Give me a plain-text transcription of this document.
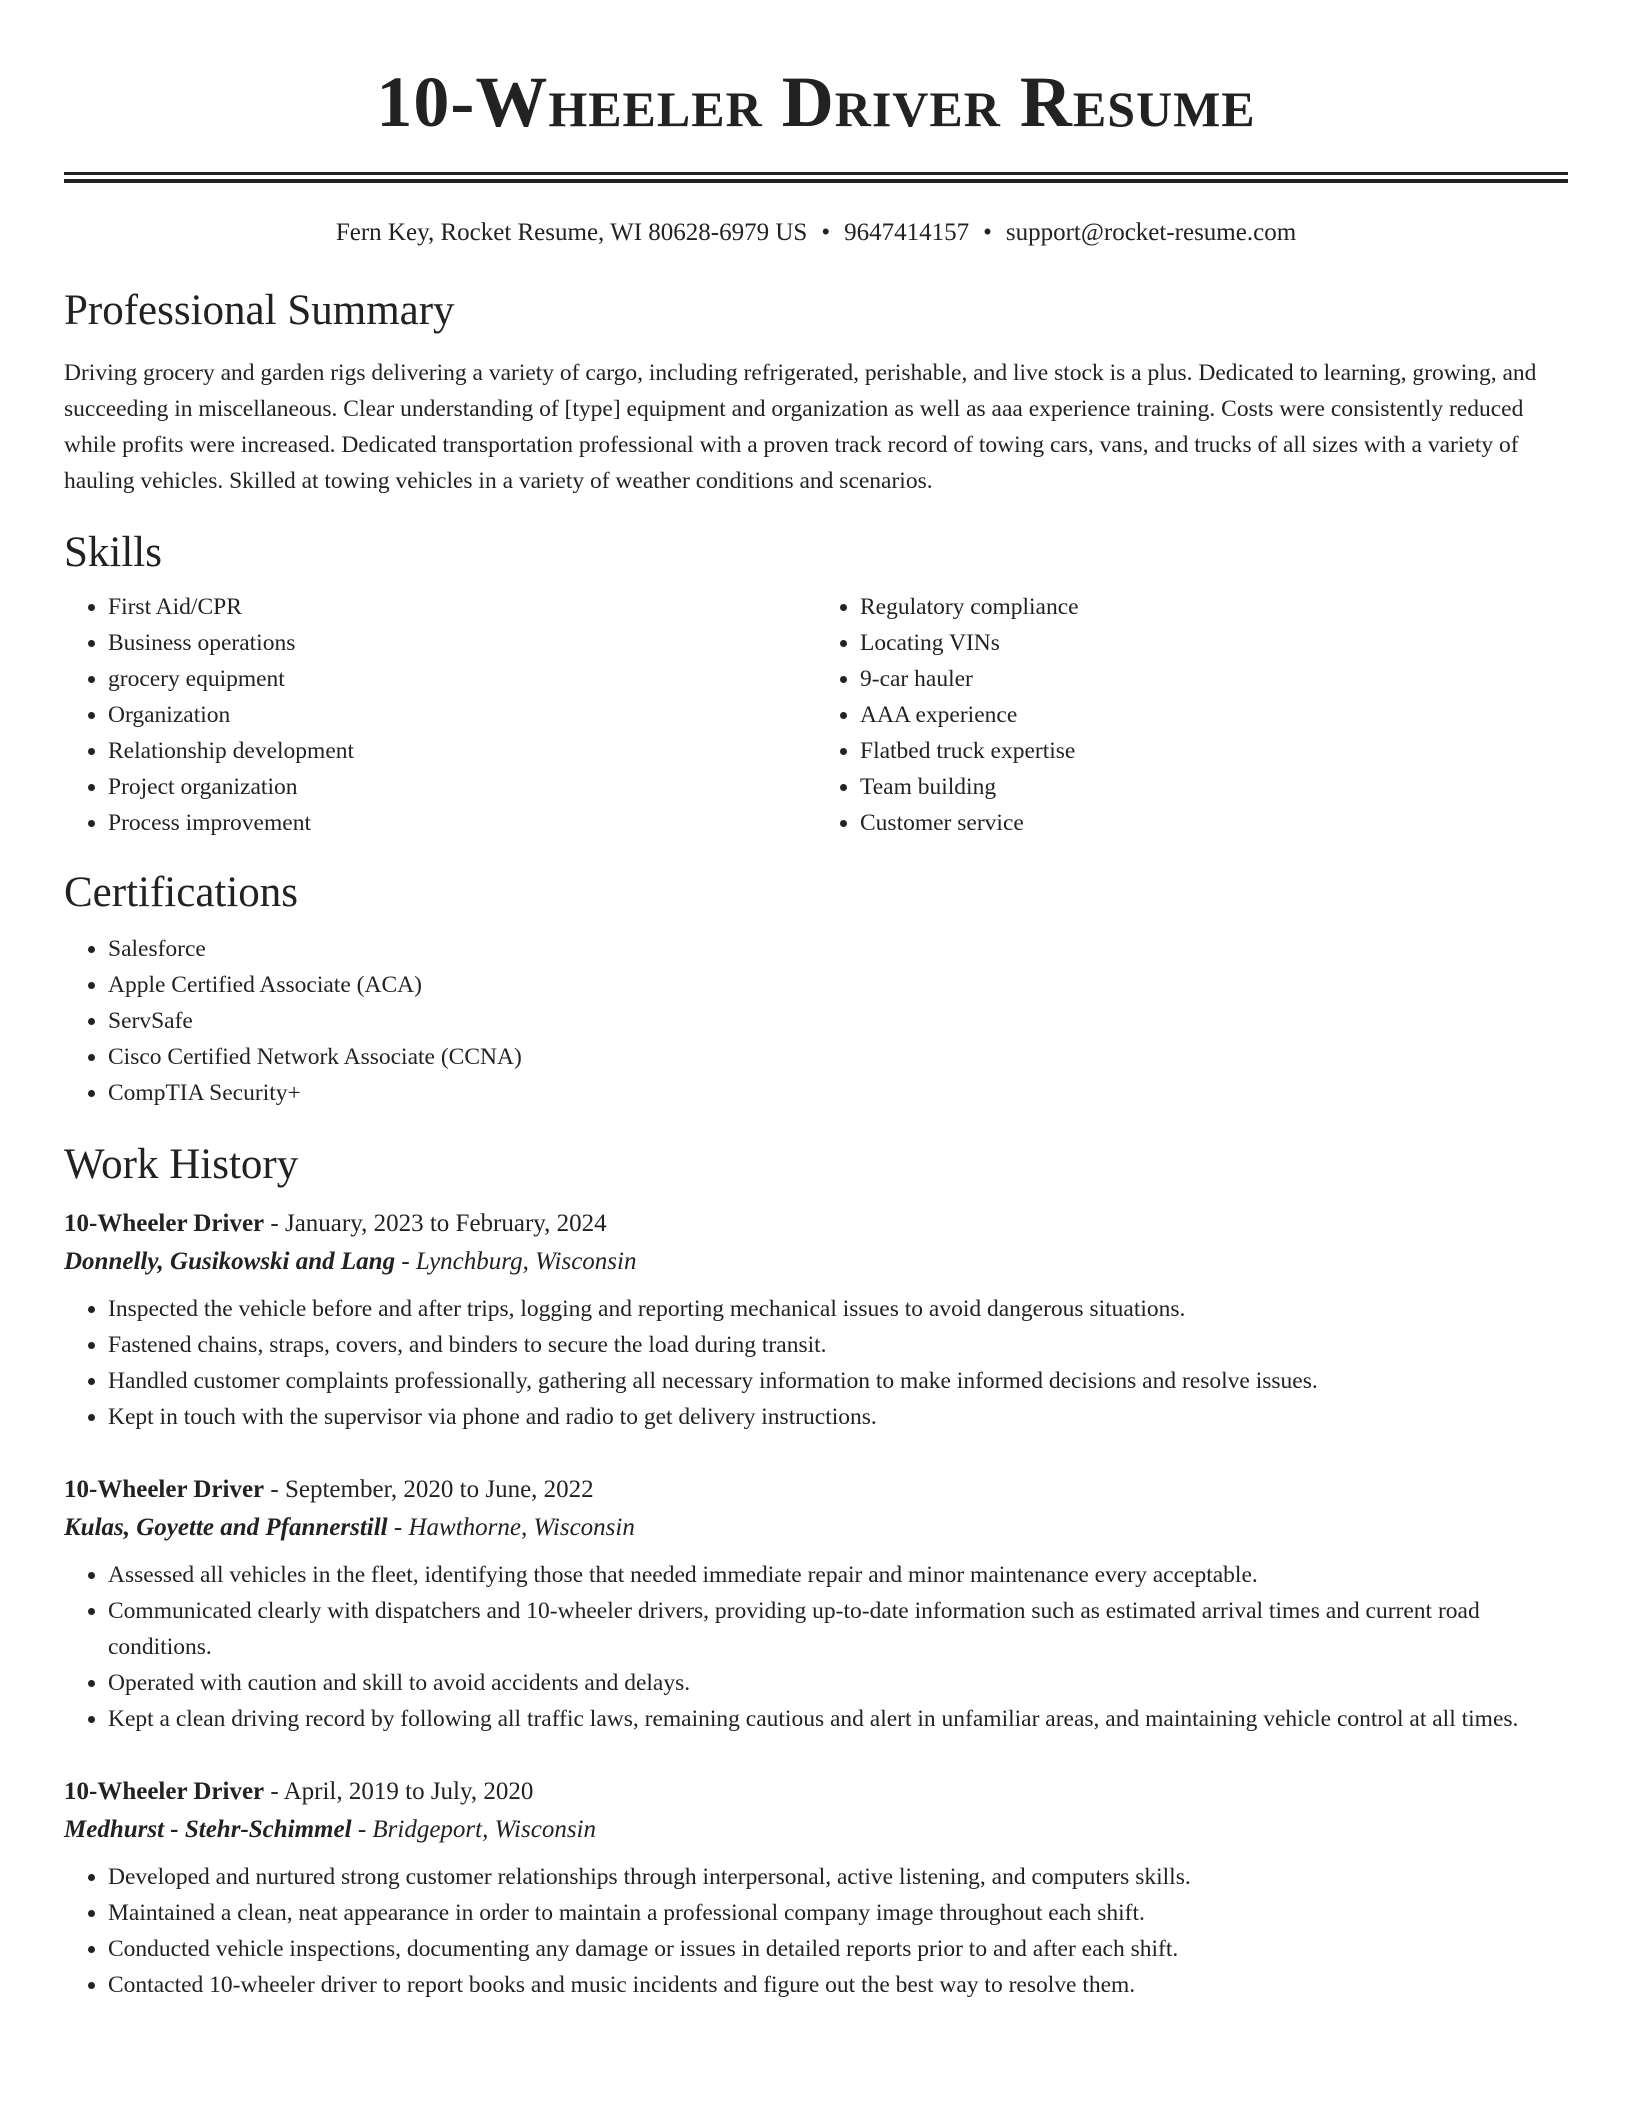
10-Wheeler Driver Resume
Fern Key, Rocket Resume, WI 80628-6979 US • 9647414157 • support@rocket-resume.com
Professional Summary

Driving grocery and garden rigs delivering a variety of cargo, including refrigerated, perishable, and live stock is a plus. Dedicated to learning, growing, and succeeding in miscellaneous. Clear understanding of [type] equipment and organization as well as aaa experience training. Costs were consistently reduced while profits were increased. Dedicated transportation professional with a proven track record of towing cars, vans, and trucks of all sizes with a variety of hauling vehicles. Skilled at towing vehicles in a variety of weather conditions and scenarios.

Skills
• First Aid/CPR
• Business operations
• grocery equipment
• Organization
• Relationship development
• Project organization
• Process improvement
• Regulatory compliance
• Locating VINs
• 9-car hauler
• AAA experience
• Flatbed truck expertise
• Team building
• Customer service
Certifications
• Salesforce
• Apple Certified Associate (ACA)
• ServSafe
• Cisco Certified Network Associate (CCNA)
• CompTIA Security+
Work History
10-Wheeler Driver - January, 2023 to February, 2024
Donnelly, Gusikowski and Lang - Lynchburg, Wisconsin
• Inspected the vehicle before and after trips, logging and reporting mechanical issues to avoid dangerous situations.
• Fastened chains, straps, covers, and binders to secure the load during transit.
• Handled customer complaints professionally, gathering all necessary information to make informed decisions and resolve issues.
• Kept in touch with the supervisor via phone and radio to get delivery instructions.
10-Wheeler Driver - September, 2020 to June, 2022
Kulas, Goyette and Pfannerstill - Hawthorne, Wisconsin
• Assessed all vehicles in the fleet, identifying those that needed immediate repair and minor maintenance every acceptable.
• Communicated clearly with dispatchers and 10-wheeler drivers, providing up-to-date information such as estimated arrival times and current road conditions.
• Operated with caution and skill to avoid accidents and delays.
• Kept a clean driving record by following all traffic laws, remaining cautious and alert in unfamiliar areas, and maintaining vehicle control at all times.
10-Wheeler Driver - April, 2019 to July, 2020
Medhurst - Stehr-Schimmel - Bridgeport, Wisconsin
• Developed and nurtured strong customer relationships through interpersonal, active listening, and computers skills.
• Maintained a clean, neat appearance in order to maintain a professional company image throughout each shift.
• Conducted vehicle inspections, documenting any damage or issues in detailed reports prior to and after each shift.
• Contacted 10-wheeler driver to report books and music incidents and figure out the best way to resolve them.
